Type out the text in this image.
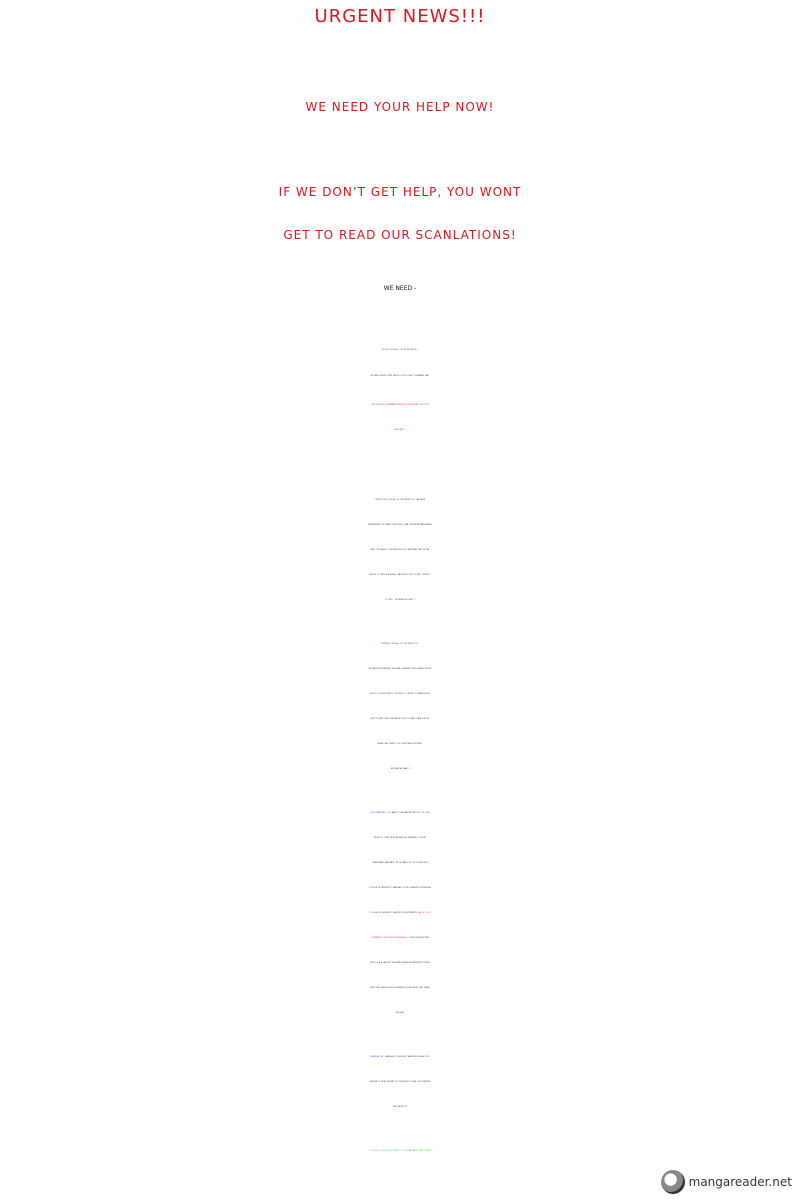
URGENT NEWS!!!
WE NEED YOUR HELP NOW!
IF WE DON’T GET HELP, YOU WONT
GET TO READ OUR SCANLATIONS!
WE NEED -
EDITORS (FOR ALL OF OUR PROJECTS) -
WE NEED PEOPLE THAT CAN DO GOOD QUALITY REDRAWS FAST
- WE NEED EDITORS NOW BECAUSE AT THE MOMENT WE DON’T
HAVE ANY!!!
TYPESETTERS (FOR ALL OF OUR PROJECTS) - WE NEED
EXPERIENCED, VETERAN TYPSETTERS, THAT CAN WORK REASONABLY
FAST (YOU HAVE TO BE EXCELLENT AT CENTERING TEXT IN THE
MIDDLE OF SPEECH BUBBLES, AND KNOW HOW TO ADD “STROKE”
TO TEXT) - WE NEED AT LEAST 2
CLEANERS (FOR ALL OF OUR PROJECTS) -
WE NEED EXPERIENCED, VETERAN CLEANERS THAT ALREADY KNOW
HOW TO DO EVERYTHING, I’M TIRED OF TRYING TO TRAIN PEOPLE
HOW TO WIPE THEIR OWN ARSE’S JUST TO HAVE THEM GIVE UP
WHEN I ASK THEM TO DO SOMETHING PROPERLY
- WE NEED AT LEAST 2
PROOFREADERS - YOU NEED TO BE FAMILIAR WITH ALL OF OUR
PROJECTS, COME FROM AN ENGLISH SPEAKING COUNTRY
(PREFERABLY ENGLAND), BE 18 YEARS OLD OR OLDER, BE A
COLLEGE OR UNIVERSITY GRADUATE OR BE CURRENTLY ATTENDING
COLLEGE OR UNIVERSITY, AND MOST IMPORTANTLY HAVE A GOOD
COMMAND OF THE ENGLISH LANGUAGE - I WILL BE ACCEPTING
PEOPLE ON A CASE BY CASE BASIS BECAUSE EVERYBODY THINKS
THAT THEY CAN BE A PROOFREADER JUST BECAUSE THEY SPEAK
ENGLISH
TRANSLATORS - JAPANESE TO ENGLISH TRANSLATORS ARE STILL
NEEDED TO WORK ON ANY OF OUR PROJECTS AND FOR STARTING
NEW PROJECTS
TO APPLY FOR ANY JOB PM MANIC ON THE WANGAN SCANS FORUM
mangareader.net
